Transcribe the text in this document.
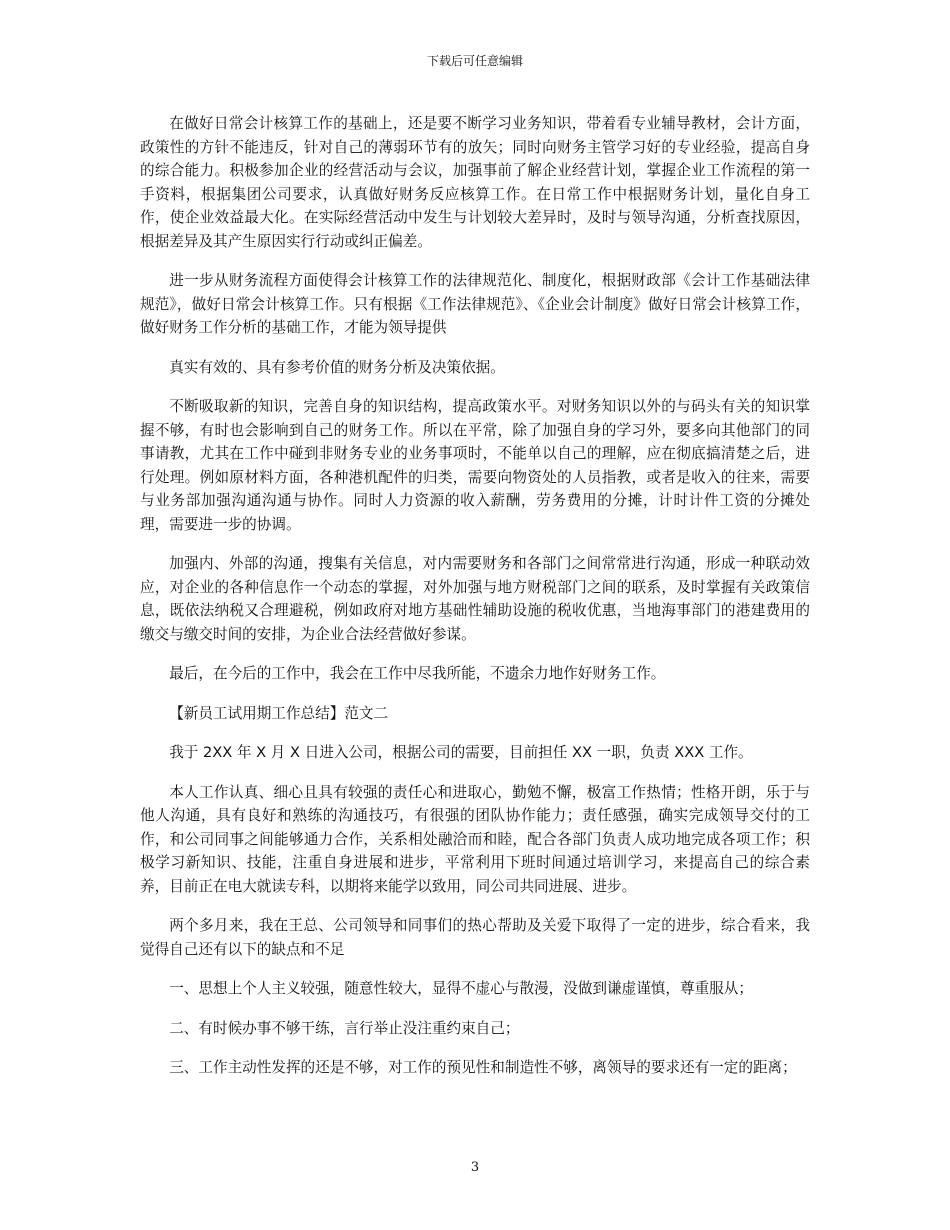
下载后可任意编辑

在做好日常会计核算工作的基础上，还是要不断学习业务知识，带着看专业辅导教材，会计方面，政策性的方针不能违反，针对自己的薄弱环节有的放矢；同时向财务主管学习好的专业经验，提高自身的综合能力。积极参加企业的经营活动与会议，加强事前了解企业经营计划，掌握企业工作流程的第一手资料，根据集团公司要求，认真做好财务反应核算工作。在日常工作中根据财务计划，量化自身工作，使企业效益最大化。在实际经营活动中发生与计划较大差异时，及时与领导沟通，分析查找原因，根据差异及其产生原因实行行动或纠正偏差。

进一步从财务流程方面使得会计核算工作的法律规范化、制度化，根据财政部《会计工作基础法律规范》，做好日常会计核算工作。只有根据《工作法律规范》、《企业会计制度》做好日常会计核算工作，做好财务工作分析的基础工作，才能为领导提供

真实有效的、具有参考价值的财务分析及决策依据。

不断吸取新的知识，完善自身的知识结构，提高政策水平。对财务知识以外的与码头有关的知识掌握不够，有时也会影响到自己的财务工作。所以在平常，除了加强自身的学习外，要多向其他部门的同事请教，尤其在工作中碰到非财务专业的业务事项时，不能单以自己的理解，应在彻底搞清楚之后，进行处理。例如原材料方面，各种港机配件的归类，需要向物资处的人员指教，或者是收入的往来，需要与业务部加强沟通沟通与协作。同时人力资源的收入薪酬，劳务费用的分摊，计时计件工资的分摊处理，需要进一步的协调。

加强内、外部的沟通，搜集有关信息，对内需要财务和各部门之间常常进行沟通，形成一种联动效应，对企业的各种信息作一个动态的掌握，对外加强与地方财税部门之间的联系，及时掌握有关政策信息，既依法纳税又合理避税，例如政府对地方基础性辅助设施的税收优惠，当地海事部门的港建费用的缴交与缴交时间的安排，为企业合法经营做好参谋。

最后，在今后的工作中，我会在工作中尽我所能，不遗余力地作好财务工作。

【新员工试用期工作总结】范文二

我于 2XX 年 X 月 X 日进入公司，根据公司的需要，目前担任 XX 一职，负责 XXX 工作。

本人工作认真、细心且具有较强的责任心和进取心，勤勉不懈，极富工作热情；性格开朗，乐于与他人沟通，具有良好和熟练的沟通技巧，有很强的团队协作能力；责任感强，确实完成领导交付的工作，和公司同事之间能够通力合作，关系相处融洽而和睦，配合各部门负责人成功地完成各项工作；积极学习新知识、技能，注重自身进展和进步，平常利用下班时间通过培训学习，来提高自己的综合素养，目前正在电大就读专科，以期将来能学以致用，同公司共同进展、进步。

两个多月来，我在王总、公司领导和同事们的热心帮助及关爱下取得了一定的进步，综合看来，我觉得自己还有以下的缺点和不足

一、思想上个人主义较强，随意性较大，显得不虚心与散漫，没做到谦虚谨慎，尊重服从；

二、有时候办事不够干练，言行举止没注重约束自己；

三、工作主动性发挥的还是不够，对工作的预见性和制造性不够，离领导的要求还有一定的距离；

3
